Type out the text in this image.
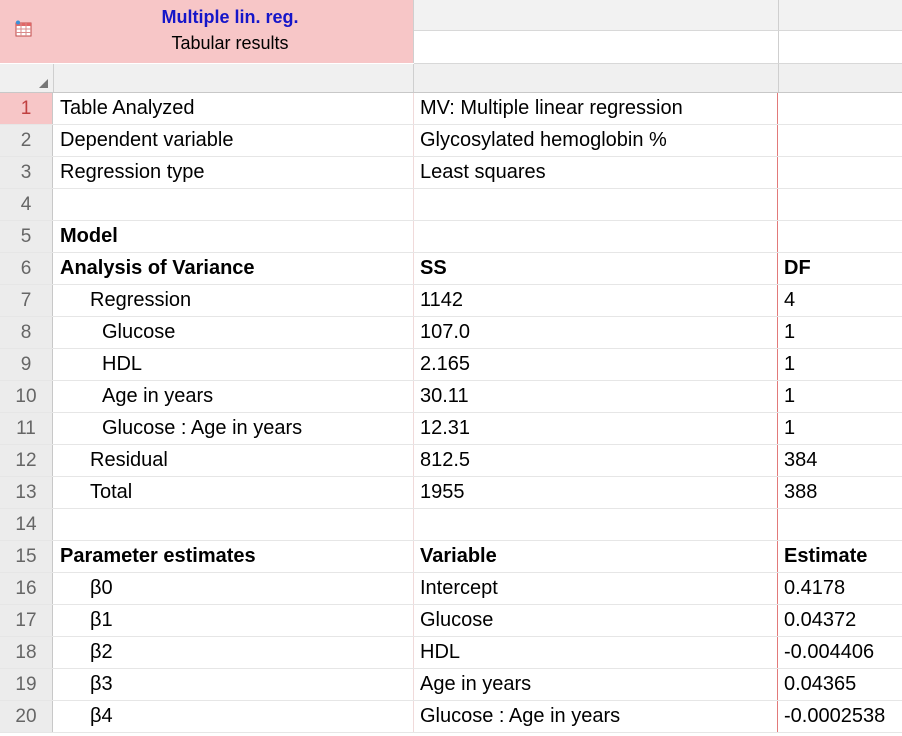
Multiple lin. reg.
Tabular results
1	Table Analyzed	MV: Multiple linear regression
2	Dependent variable	Glycosylated hemoglobin %
3	Regression type	Least squares
4
5	Model
6	Analysis of Variance	SS	DF
7	Regression	1142	4
8	Glucose	107.0	1
9	HDL	2.165	1
10	Age in years	30.11	1
11	Glucose : Age in years	12.31	1
12	Residual	812.5	384
13	Total	1955	388
14
15	Parameter estimates	Variable	Estimate
16	β0	Intercept	0.4178
17	β1	Glucose	0.04372
18	β2	HDL	-0.004406
19	β3	Age in years	0.04365
20	β4	Glucose : Age in years	-0.0002538
